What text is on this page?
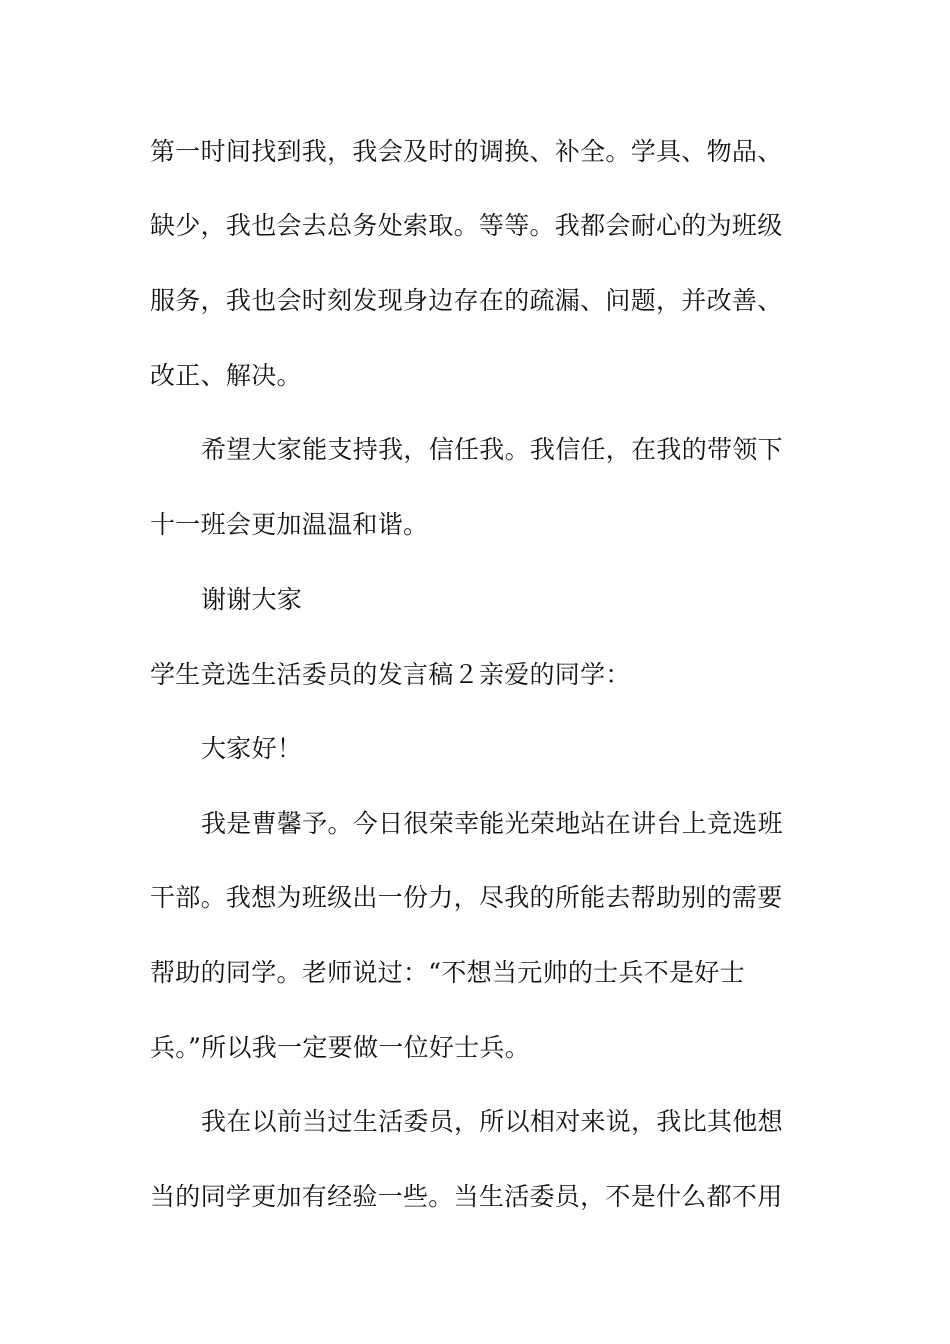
第一时间找到我，我会及时的调换、补全。学具、物品、
缺少，我也会去总务处索取。等等。我都会耐心的为班级
服务，我也会时刻发现身边存在的疏漏、问题，并改善、
改正、解决。
希望大家能支持我，信任我。我信任，在我的带领下
十一班会更加温温和谐。
谢谢大家
学生竞选生活委员的发言稿２亲爱的同学：
大家好！
我是曹馨予。今日很荣幸能光荣地站在讲台上竞选班
干部。我想为班级出一份力，尽我的所能去帮助别的需要
帮助的同学。老师说过：“不想当元帅的士兵不是好士
兵。”所以我一定要做一位好士兵。
我在以前当过生活委员，所以相对来说，我比其他想
当的同学更加有经验一些。当生活委员，不是什么都不用
